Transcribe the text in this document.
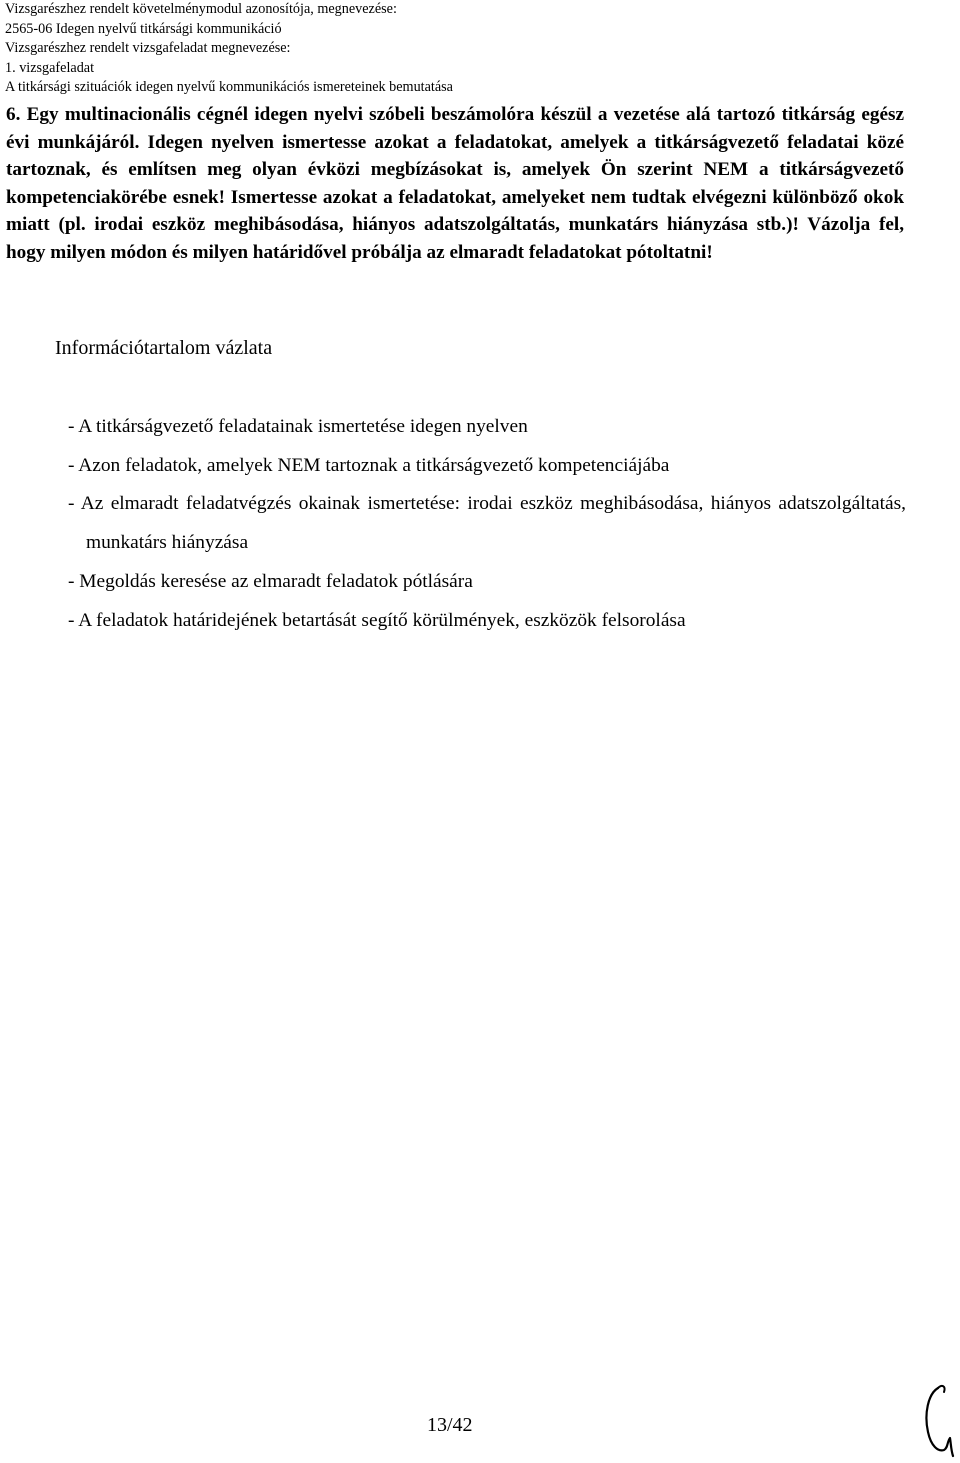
Vizsgarészhez rendelt követelménymodul azonosítója, megnevezése:
2565-06 Idegen nyelvű titkársági kommunikáció
Vizsgarészhez rendelt vizsgafeladat megnevezése:
1. vizsgafeladat
A titkársági szituációk idegen nyelvű kommunikációs ismereteinek bemutatása
6. Egy multinacionális cégnél idegen nyelvi szóbeli beszámolóra készül a vezetése alá tartozó titkárság egész évi munkájáról. Idegen nyelven ismertesse azokat a feladatokat, amelyek a titkárságvezető feladatai közé tartoznak, és említsen meg olyan évközi megbízásokat is, amelyek Ön szerint NEM a titkárságvezető kompetenciakörébe esnek! Ismertesse azokat a feladatokat, amelyeket nem tudtak elvégezni különböző okok miatt (pl. irodai eszköz meghibásodása, hiányos adatszolgáltatás, munkatárs hiányzása stb.)! Vázolja fel, hogy milyen módon és milyen határidővel próbálja az elmaradt feladatokat pótoltatni!
Információtartalom vázlata
- A titkárságvezető feladatainak ismertetése idegen nyelven
- Azon feladatok, amelyek NEM tartoznak a titkárságvezető kompetenciájába
- Az elmaradt feladatvégzés okainak ismertetése: irodai eszköz meghibásodása, hiányos adatszolgáltatás, munkatárs hiányzása
- Megoldás keresése az elmaradt feladatok pótlására
- A feladatok határidejének betartását segítő körülmények, eszközök felsorolása
13/42
